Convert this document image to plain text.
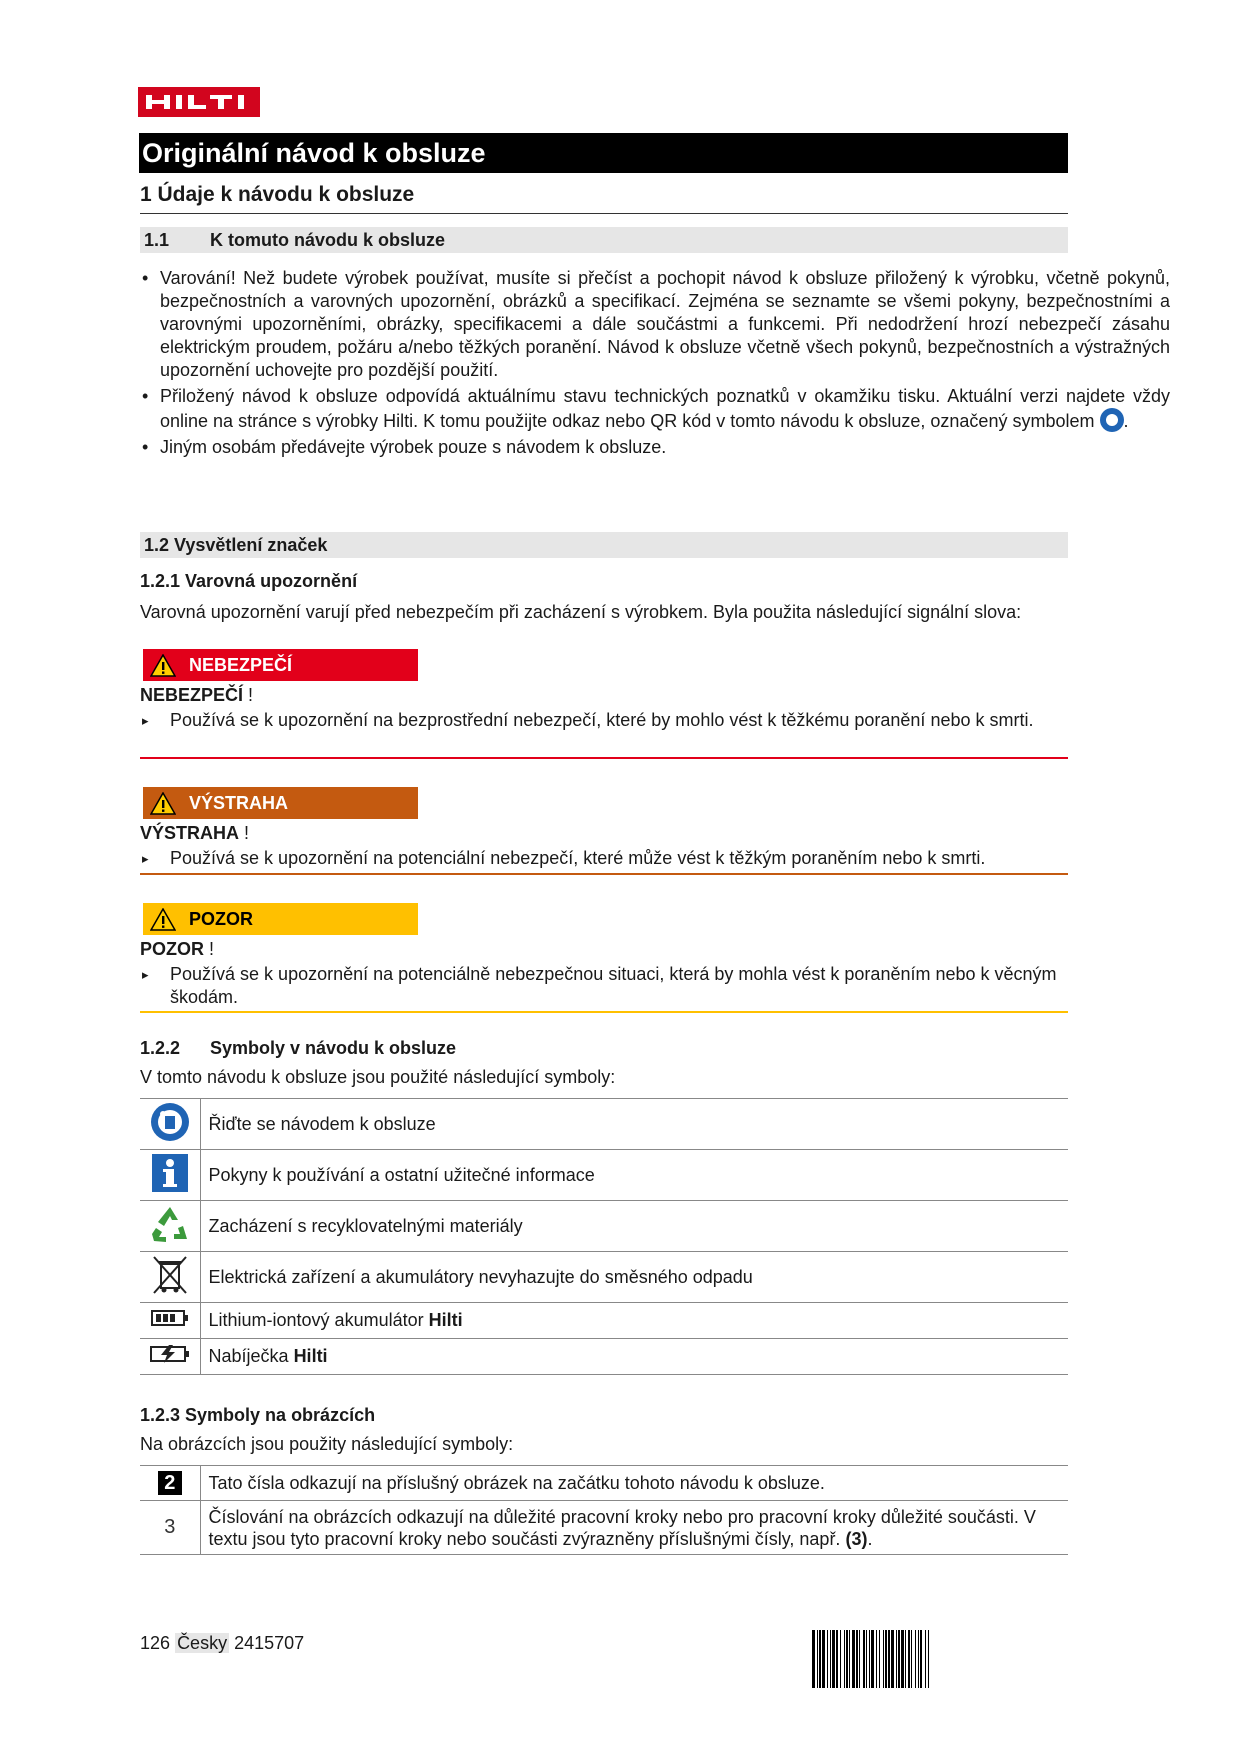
Originální návod k obsluze
1 Údaje k návodu k obsluze
1.1 K tomuto návodu k obsluze
• Varování! Než budete výrobek používat, musíte si přečíst a pochopit návod k obsluze přiložený k výrobku, včetně pokynů, bezpečnostních a varovných upozornění, obrázků a specifikací. Zejména se seznamte se všemi pokyny, bezpečnostními a varovnými upozorněními, obrázky, specifikacemi a dále součástmi a funkcemi. Při nedodržení hrozí nebezpečí zásahu elektrickým proudem, požáru a/nebo těžkých poranění. Návod k obsluze včetně všech pokynů, bezpečnostních a výstražných upozornění uchovejte pro pozdější použití.
• Přiložený návod k obsluze odpovídá aktuálnímu stavu technických poznatků v okamžiku tisku. Aktuální verzi najdete vždy online na stránce s výrobky Hilti. K tomu použijte odkaz nebo QR kód v tomto návodu k obsluze, označený symbolem .
• Jiným osobám předávejte výrobek pouze s návodem k obsluze.
1.2 Vysvětlení značek
1.2.1 Varovná upozornění
Varovná upozornění varují před nebezpečím při zacházení s výrobkem. Byla použita následující signální slova:
NEBEZPEČÍ
NEBEZPEČÍ !
▸ Používá se k upozornění na bezprostřední nebezpečí, které by mohlo vést k těžkému poranění nebo k smrti.
VÝSTRAHA
VÝSTRAHA !
▸ Používá se k upozornění na potenciální nebezpečí, které může vést k těžkým poraněním nebo k smrti.
POZOR
POZOR !
▸ Používá se k upozornění na potenciálně nebezpečnou situaci, která by mohla vést k poraněním nebo k věcným škodám.
1.2.2 Symboly v návodu k obsluze
V tomto návodu k obsluze jsou použité následující symboly:
	Řiďte se návodem k obsluze
	Pokyny k používání a ostatní užitečné informace
	Zacházení s recyklovatelnými materiály
	Elektrická zařízení a akumulátory nevyhazujte do směsného odpadu
	Lithium-iontový akumulátor Hilti
	Nabíječka Hilti
1.2.3 Symboly na obrázcích
Na obrázcích jsou použity následující symboly:
2	Tato čísla odkazují na příslušný obrázek na začátku tohoto návodu k obsluze.
3	Číslování na obrázcích odkazují na důležité pracovní kroky nebo pro pracovní kroky důležité součásti. V textu jsou tyto pracovní kroky nebo součásti zvýrazněny příslušnými čísly, např. (3).
126 Česky 2415707
